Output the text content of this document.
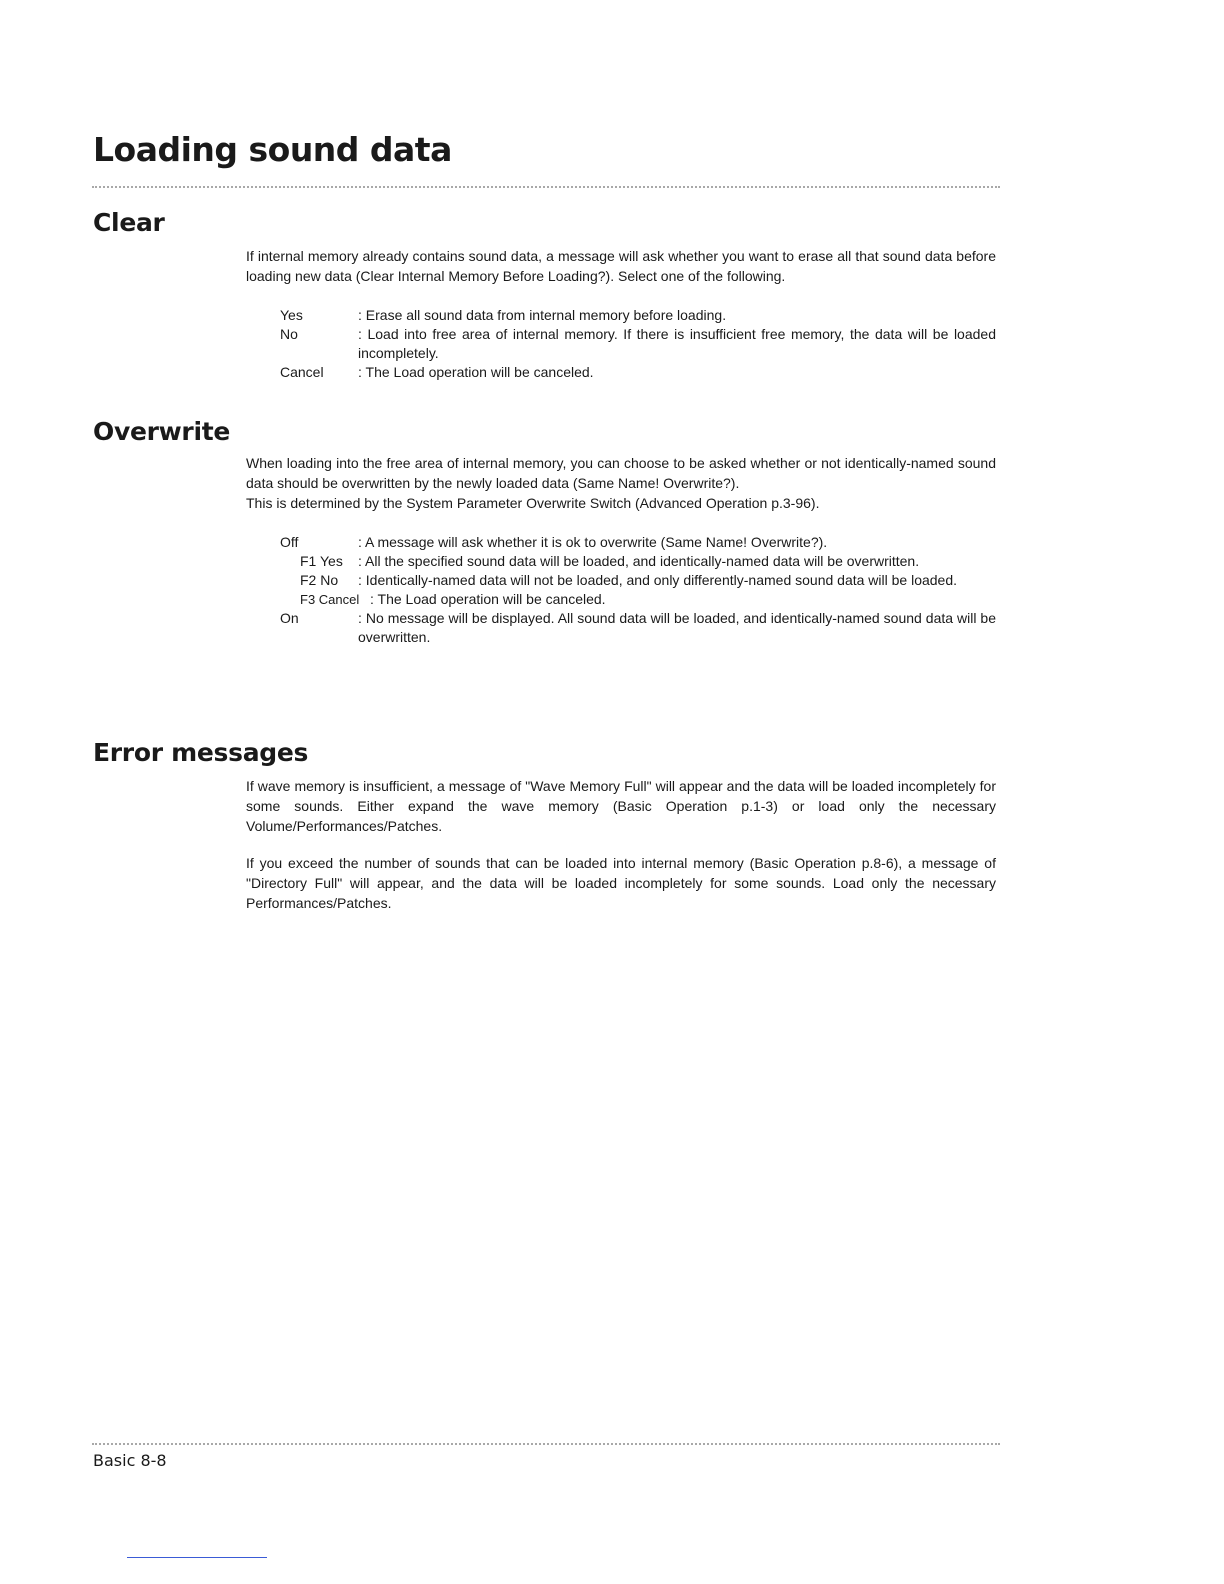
Loading sound data
Clear

If internal memory already contains sound data, a message will ask whether you want to erase all that sound data before loading new data (Clear Internal Memory Before Loading?). Select one of the following.

Yes	: Erase all sound data from internal memory before loading.
No	: Load into free area of internal memory. If there is insufficient free memory, the data will be loaded incompletely.
Cancel	: The Load operation will be canceled.
Overwrite

When loading into the free area of internal memory, you can choose to be asked whether or not identically-named sound data should be overwritten by the newly loaded data (Same Name! Overwrite?).

This is determined by the System Parameter Overwrite Switch (Advanced Operation p.3-96).

Off	: A message will ask whether it is ok to overwrite (Same Name! Overwrite?).
F1 Yes	: All the specified sound data will be loaded, and identically-named data will be overwritten.
F2 No	: Identically-named data will not be loaded, and only differently-named sound data will be loaded.
F3 Cancel : The Load operation will be canceled.
On	: No message will be displayed. All sound data will be loaded, and identically-named sound data will be overwritten.
Error messages

If wave memory is insufficient, a message of "Wave Memory Full" will appear and the data will be loaded incompletely for some sounds. Either expand the wave memory (Basic Operation p.1-3) or load only the necessary Volume/Performances/Patches.

If you exceed the number of sounds that can be loaded into internal memory (Basic Operation p.8-6), a message of "Directory Full" will appear, and the data will be loaded incompletely for some sounds. Load only the necessary Performances/Patches.

Basic 8-8
